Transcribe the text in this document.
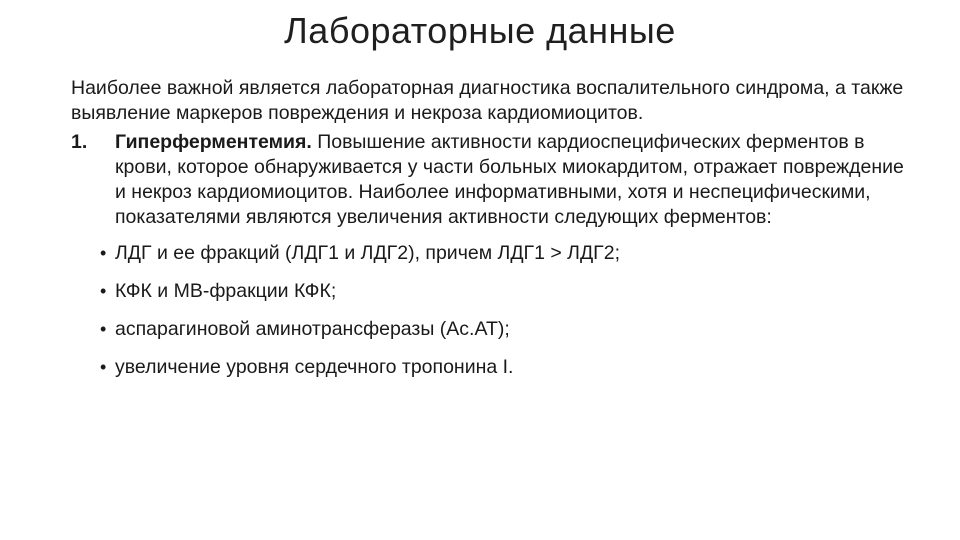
Лабораторные данные

Наиболее важной является лабораторная диагностика воспалительного синдрома, а также выявление маркеров повреждения и некроза кардиомиоцитов.

1. Гиперферментемия. Повышение активности кардиоспецифических ферментов в крови, которое обнаруживается у части больных миокардитом, отражает повреждение и некроз кардиомиоцитов. Наиболее информативными, хотя и неспецифическими, показателями являются увеличения активности следующих ферментов:
• ЛДГ и ее фракций (ЛДГ1 и ЛДГ2), причем ЛДГ1 > ЛДГ2;
• КФК и МВ-фракции КФК;
• аспарагиновой аминотрансферазы (Ас.АТ);
• увеличение уровня сердечного тропонина I.
